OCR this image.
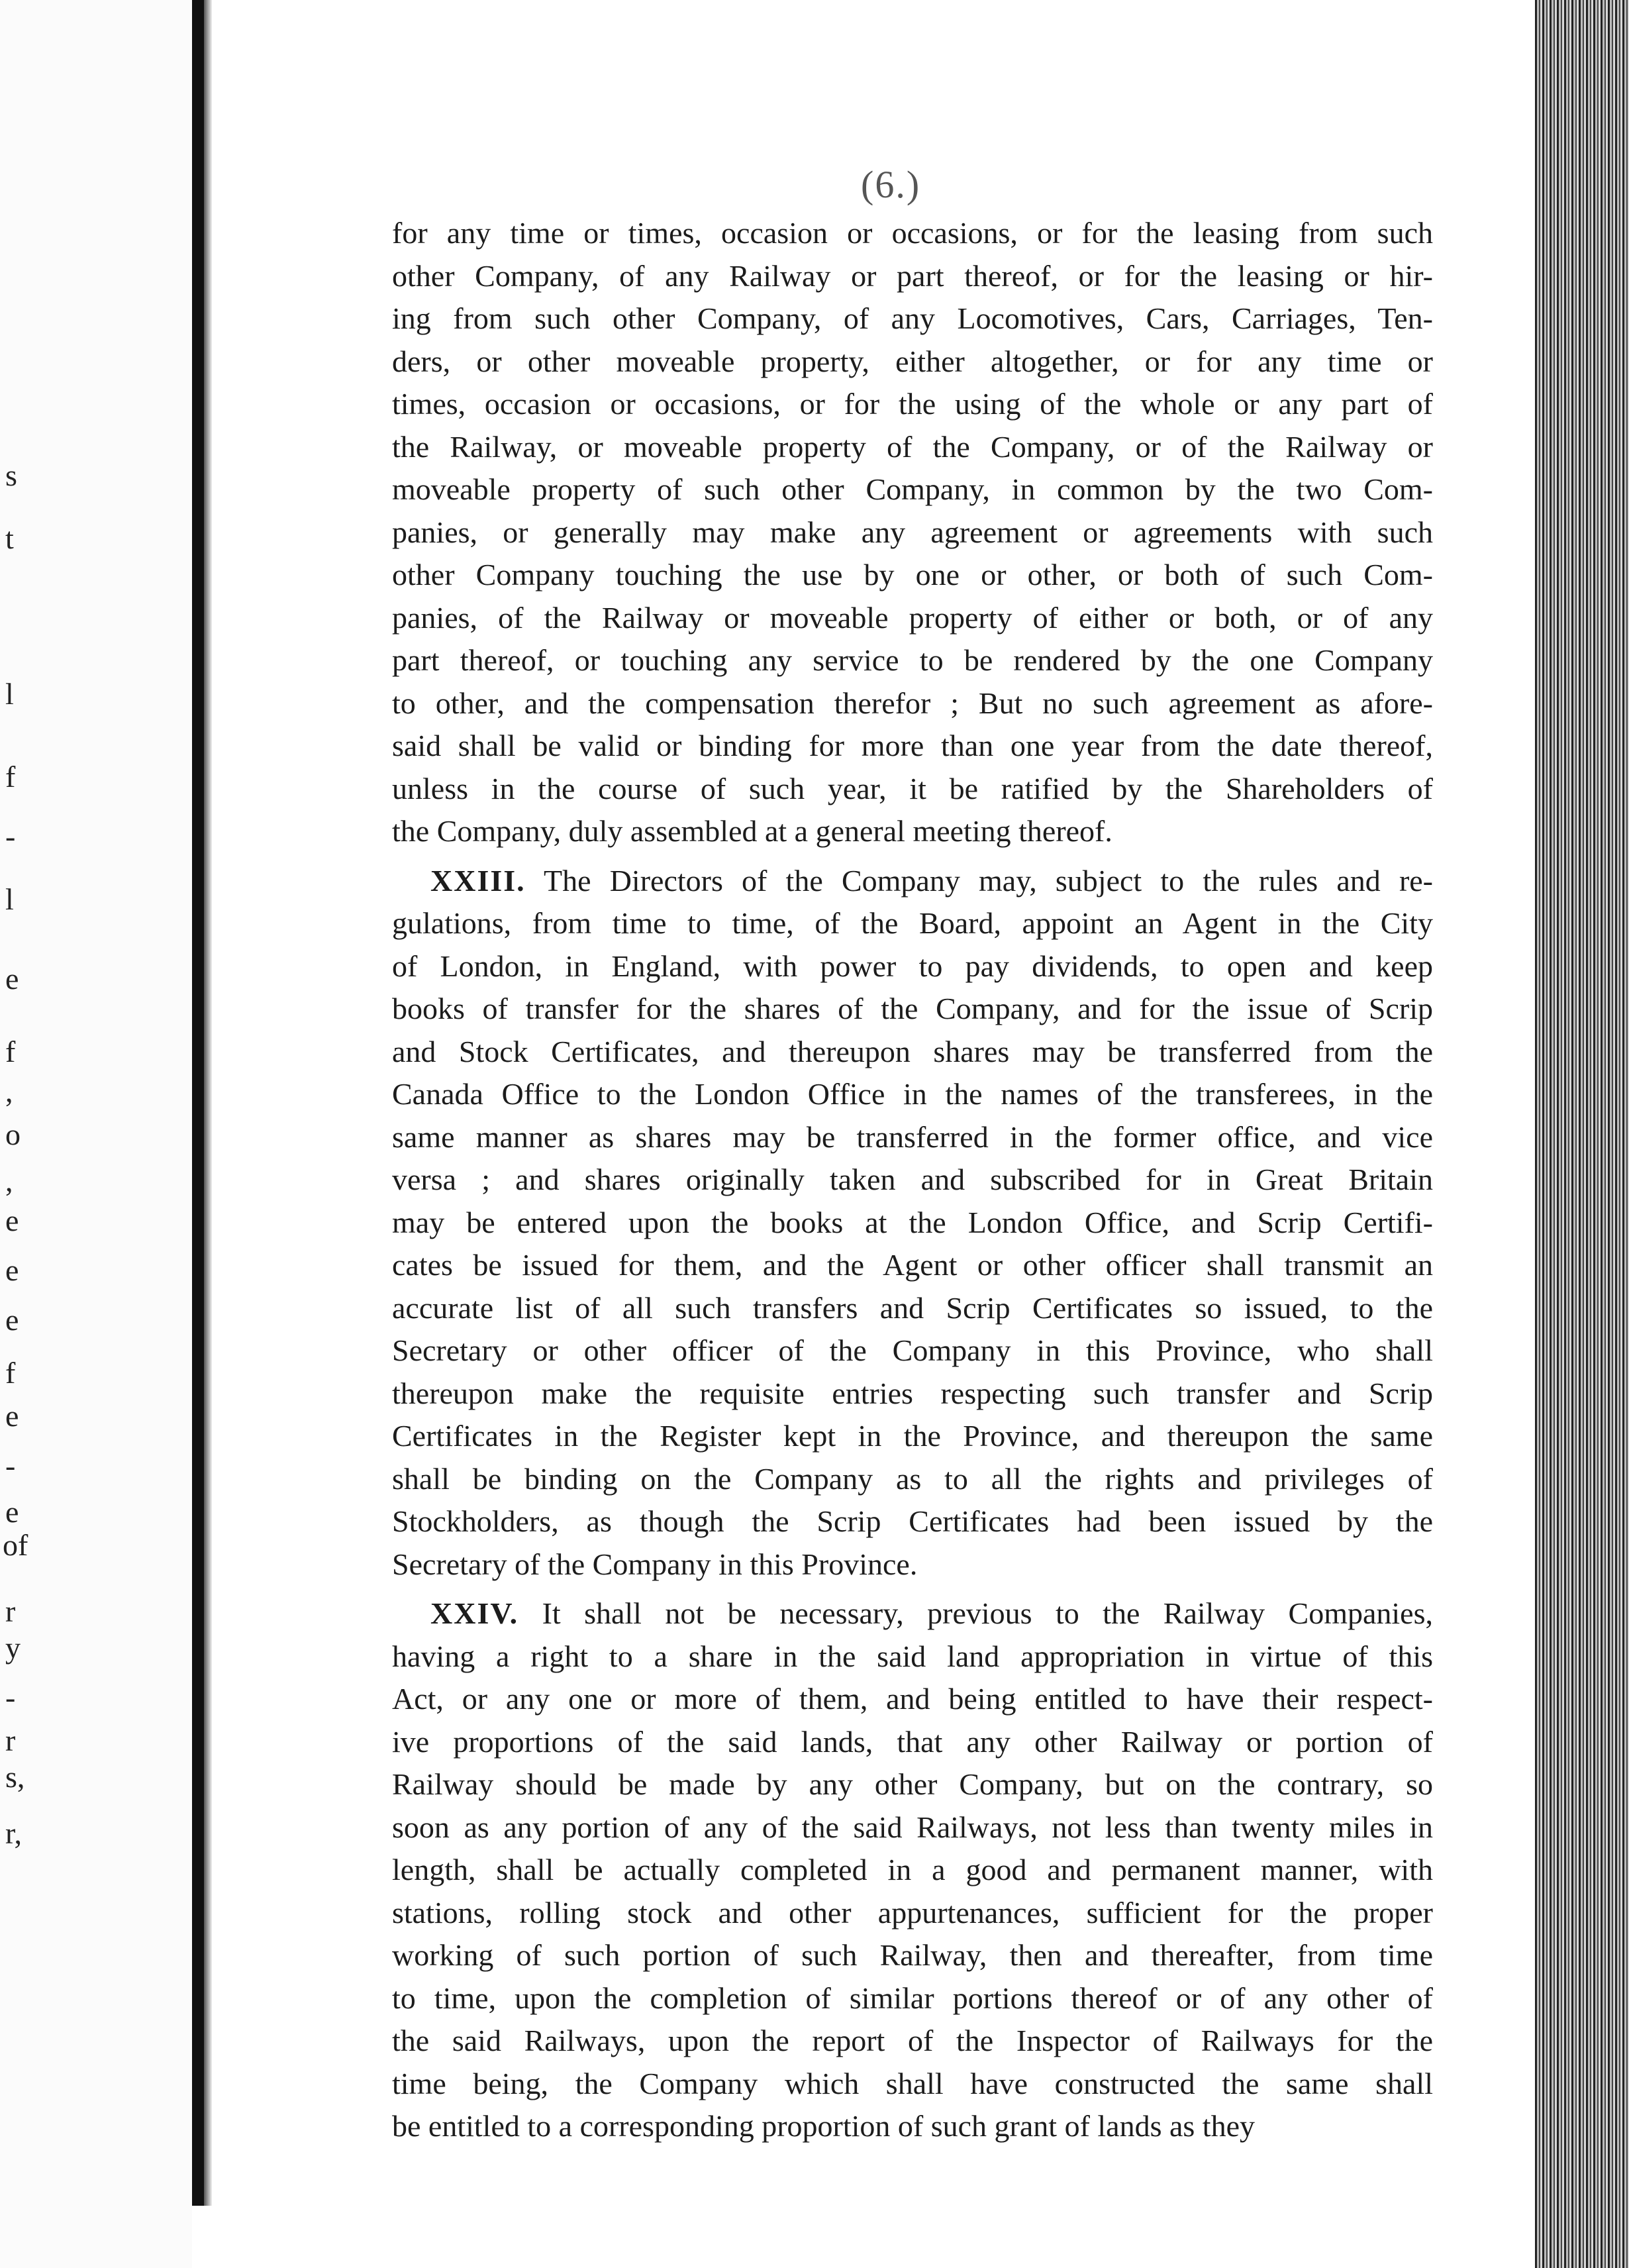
s
t
l
f
-
l
e
f
,
o
,
e
e
e
f
e
-
e
of
r
y
-
r
s,
r,
(6.)
for any time or times, occasion or occasions, or for the leasing from such
other Company, of any Railway or part thereof, or for the leasing or hir-
ing from such other Company, of any Locomotives, Cars, Carriages, Ten-
ders, or other moveable property, either altogether, or for any time or
times, occasion or occasions, or for the using of the whole or any part of
the Railway, or moveable property of the Company, or of the Railway or
moveable property of such other Company, in common by the two Com-
panies, or generally may make any agreement or agreements with such
other Company touching the use by one or other, or both of such Com-
panies, of the Railway or moveable property of either or both, or of any
part thereof, or touching any service to be rendered by the one Company
to other, and the compensation therefor ; But no such agreement as afore-
said shall be valid or binding for more than one year from the date thereof,
unless in the course of such year, it be ratified by the Shareholders of
the Company, duly assembled at a general meeting thereof.
XXIII. The Directors of the Company may, subject to the rules and re-
gulations, from time to time, of the Board, appoint an Agent in the City
of London, in England, with power to pay dividends, to open and keep
books of transfer for the shares of the Company, and for the issue of Scrip
and Stock Certificates, and thereupon shares may be transferred from the
Canada Office to the London Office in the names of the transferees, in the
same manner as shares may be transferred in the former office, and vice
versa ; and shares originally taken and subscribed for in Great Britain
may be entered upon the books at the London Office, and Scrip Certifi-
cates be issued for them, and the Agent or other officer shall transmit an
accurate list of all such transfers and Scrip Certificates so issued, to the
Secretary or other officer of the Company in this Province, who shall
thereupon make the requisite entries respecting such transfer and Scrip
Certificates in the Register kept in the Province, and thereupon the same
shall be binding on the Company as to all the rights and privileges of
Stockholders, as though the Scrip Certificates had been issued by the
Secretary of the Company in this Province.
XXIV. It shall not be necessary, previous to the Railway Companies,
having a right to a share in the said land appropriation in virtue of this
Act, or any one or more of them, and being entitled to have their respect-
ive proportions of the said lands, that any other Railway or portion of
Railway should be made by any other Company, but on the contrary, so
soon as any portion of any of the said Railways, not less than twenty miles in
length, shall be actually completed in a good and permanent manner, with
stations, rolling stock and other appurtenances, sufficient for the proper
working of such portion of such Railway, then and thereafter, from time
to time, upon the completion of similar portions thereof or of any other of
the said Railways, upon the report of the Inspector of Railways for the
time being, the Company which shall have constructed the same shall
be entitled to a corresponding proportion of such grant of lands as they
